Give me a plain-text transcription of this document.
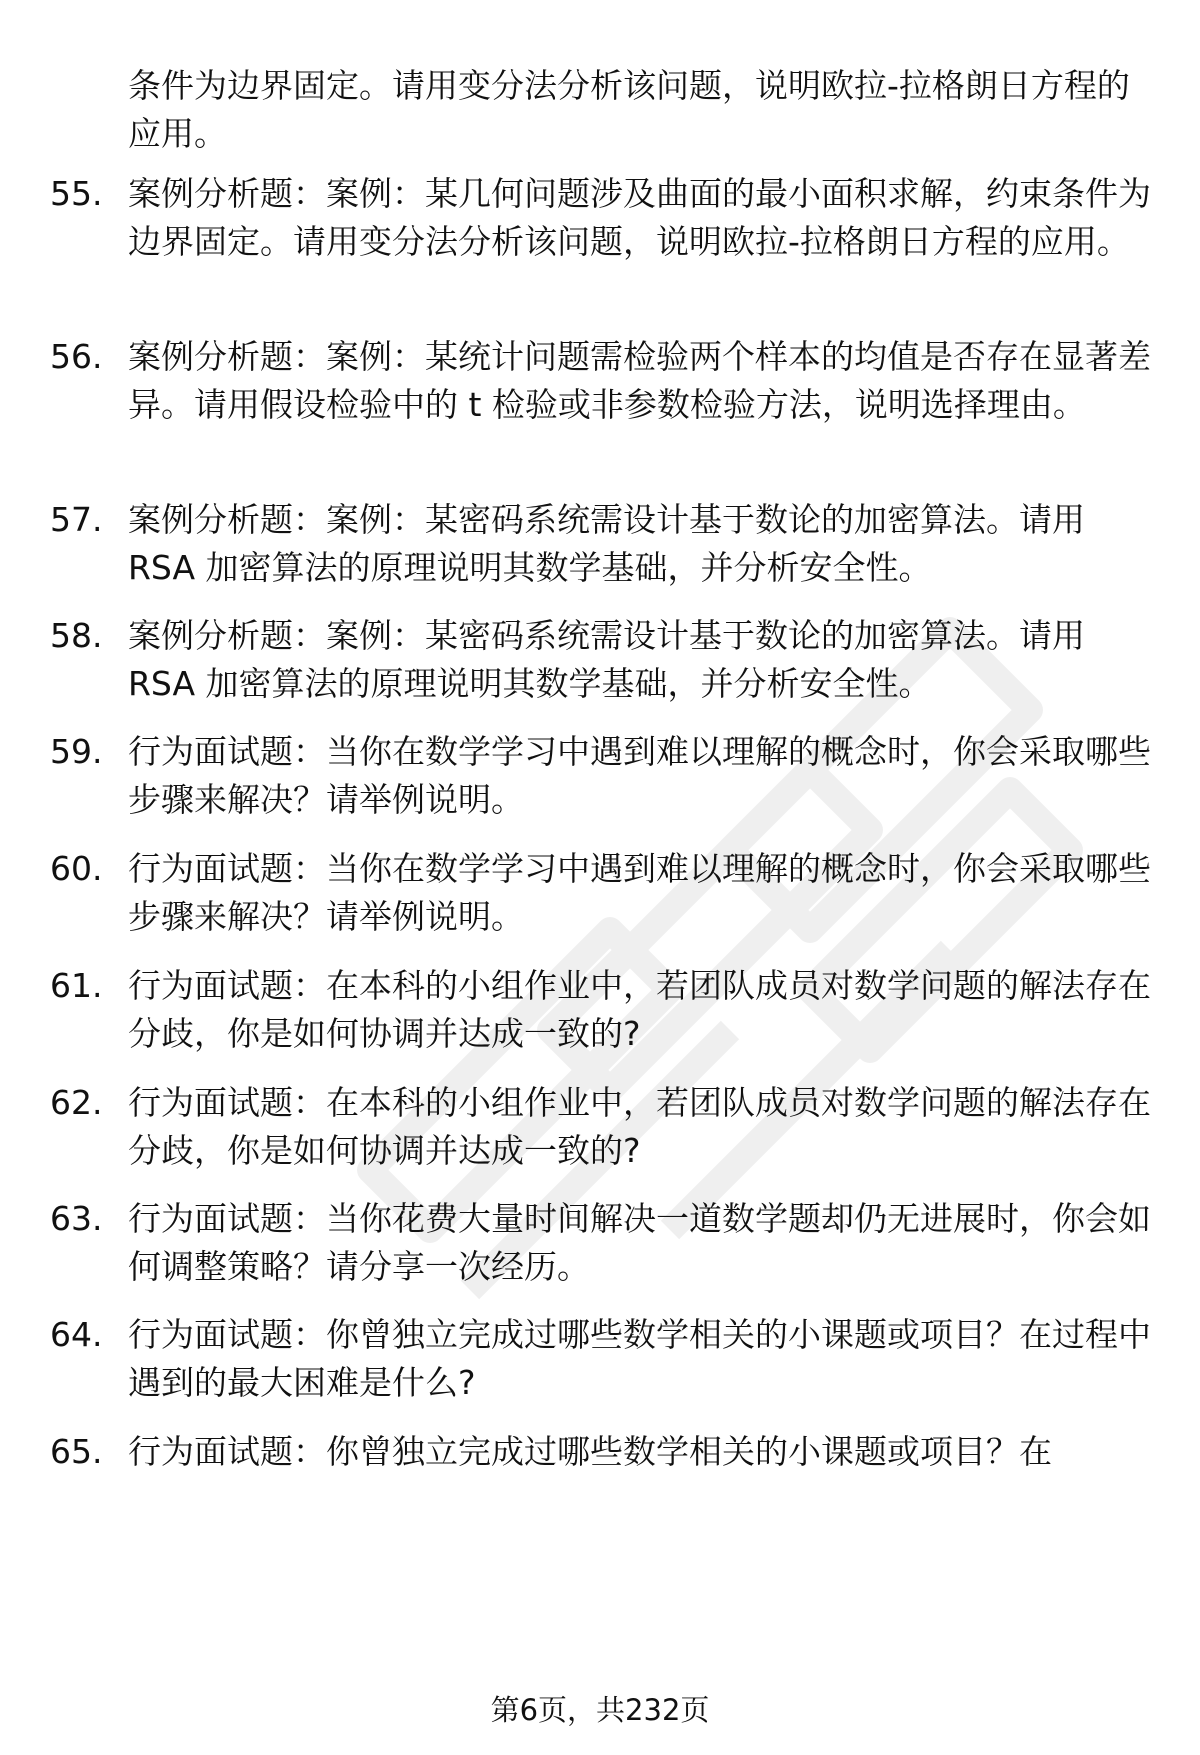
条件为边界固定。请用变分法分析该问题，说明欧拉-拉格朗日方程的应用。

55. 案例分析题：案例：某几何问题涉及曲面的最小面积求解，约束条件为边界固定。请用变分法分析该问题，说明欧拉-拉格朗日方程的应用。

56. 案例分析题：案例：某统计问题需检验两个样本的均值是否存在显著差异。请用假设检验中的 t 检验或非参数检验方法，说明选择理由。

57. 案例分析题：案例：某密码系统需设计基于数论的加密算法。请用 RSA 加密算法的原理说明其数学基础，并分析安全性。

58. 案例分析题：案例：某密码系统需设计基于数论的加密算法。请用 RSA 加密算法的原理说明其数学基础，并分析安全性。

59. 行为面试题：当你在数学学习中遇到难以理解的概念时，你会采取哪些步骤来解决？请举例说明。

60. 行为面试题：当你在数学学习中遇到难以理解的概念时，你会采取哪些步骤来解决？请举例说明。

61. 行为面试题：在本科的小组作业中，若团队成员对数学问题的解法存在分歧，你是如何协调并达成一致的?

62. 行为面试题：在本科的小组作业中，若团队成员对数学问题的解法存在分歧，你是如何协调并达成一致的?

63. 行为面试题：当你花费大量时间解决一道数学题却仍无进展时，你会如何调整策略？请分享一次经历。

64. 行为面试题：你曾独立完成过哪些数学相关的小课题或项目？在过程中遇到的最大困难是什么?

65. 行为面试题：你曾独立完成过哪些数学相关的小课题或项目？在

第6页，共232页
